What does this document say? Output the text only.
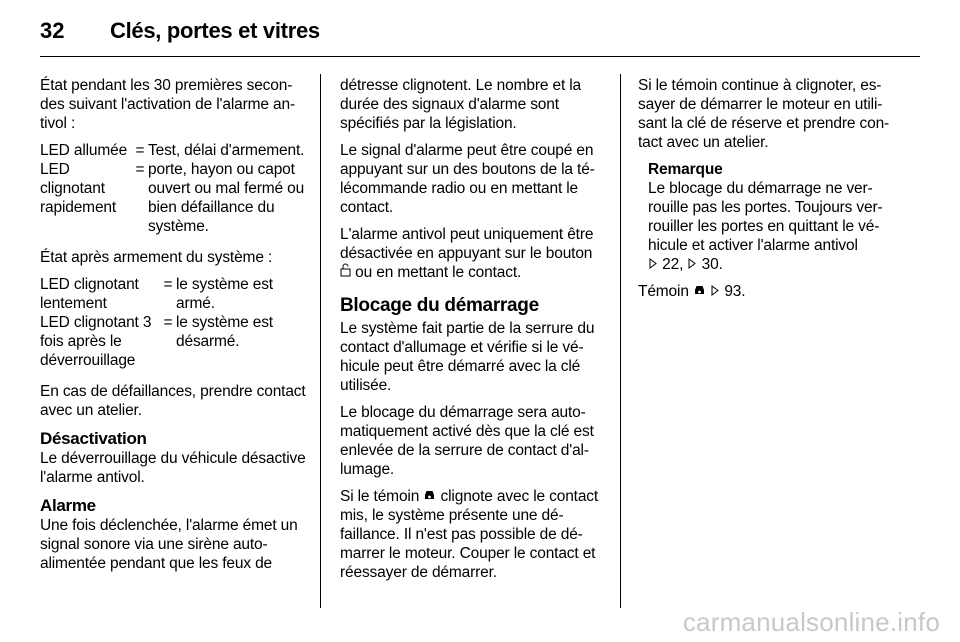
32 Clés, portes et vitres

État pendant les 30 premières secondes suivant l'activation de l'alarme antivol :

LED allumée = Test, délai d'armement.
LED clignotant rapidement
= porte, hayon ou capot ouvert ou mal fermé ou bien défaillance du système.

État après armement du système :

LED clignotant lentement
= le système est armé.
LED clignotant 3 fois après le déverrouillage
= le système est désarmé.

En cas de défaillances, prendre contact avec un atelier.

Désactivation

Le déverrouillage du véhicule désactive l'alarme antivol.

Alarme

Une fois déclenchée, l'alarme émet un signal sonore via une sirène autoalimentée pendant que les feux de

détresse clignotent. Le nombre et la durée des signaux d'alarme sont spécifiés par la législation.

Le signal d'alarme peut être coupé en appuyant sur un des boutons de la télécommande radio ou en mettant le contact.

L'alarme antivol peut uniquement être désactivée en appuyant sur le bouton  ou en mettant le contact.

Blocage du démarrage

Le système fait partie de la serrure du contact d'allumage et vérifie si le véhicule peut être démarré avec la clé utilisée.

Le blocage du démarrage sera automatiquement activé dès que la clé est enlevée de la serrure de contact d'allumage.

Si le témoin clignote avec le contact mis, le système présente une défaillance. Il n'est pas possible de démarrer le moteur. Couper le contact et réessayer de démarrer.

Si le témoin continue à clignoter, essayer de démarrer le moteur en utilisant la clé de réserve et prendre contact avec un atelier.

Remarque
Le blocage du démarrage ne verrouille pas les portes. Toujours verrouiller les portes en quittant le véhicule et activer l'alarme antivol
22,  30.

Témoin 93.

carmanualsonline.info
